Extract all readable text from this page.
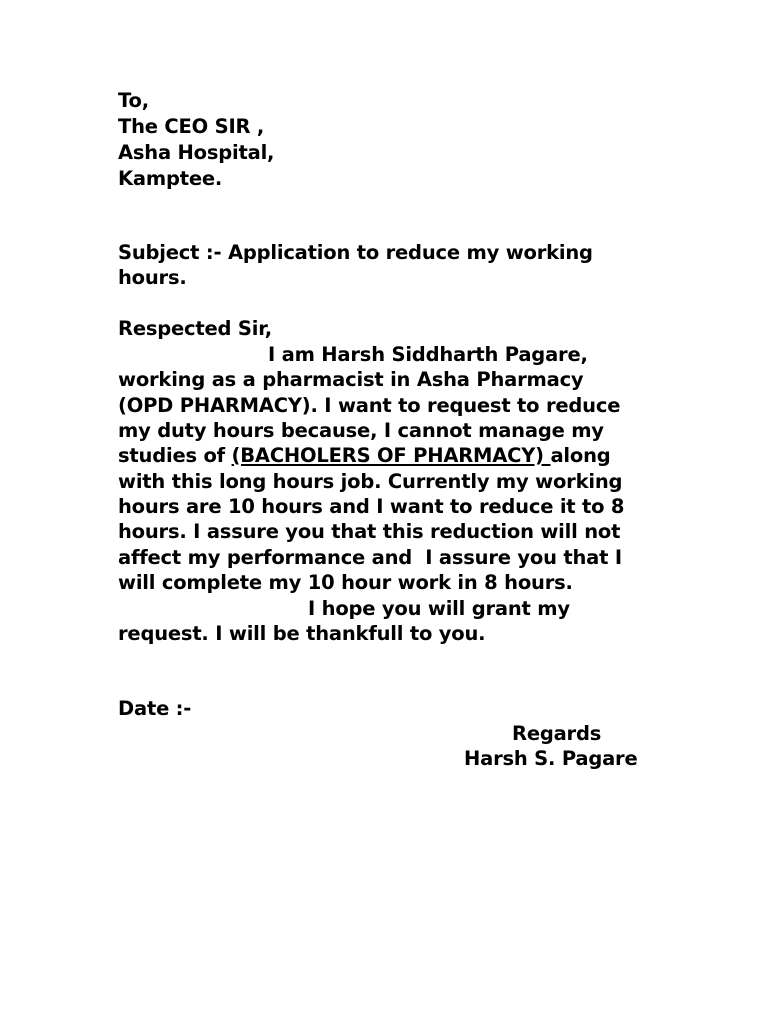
To,
The CEO SIR ,
Asha Hospital,
Kamptee.
Subject :- Application to reduce my working
hours.
Respected Sir,
I am Harsh Siddharth Pagare,
working as a pharmacist in Asha Pharmacy
(OPD PHARMACY). I want to request to reduce
my duty hours because, I cannot manage my
studies of (BACHOLERS OF PHARMACY) along
with this long hours job. Currently my working
hours are 10 hours and I want to reduce it to 8
hours. I assure you that this reduction will not
affect my performance and  I assure you that I
will complete my 10 hour work in 8 hours.
I hope you will grant my
request. I will be thankfull to you.
Date :-
Regards
Harsh S. Pagare
